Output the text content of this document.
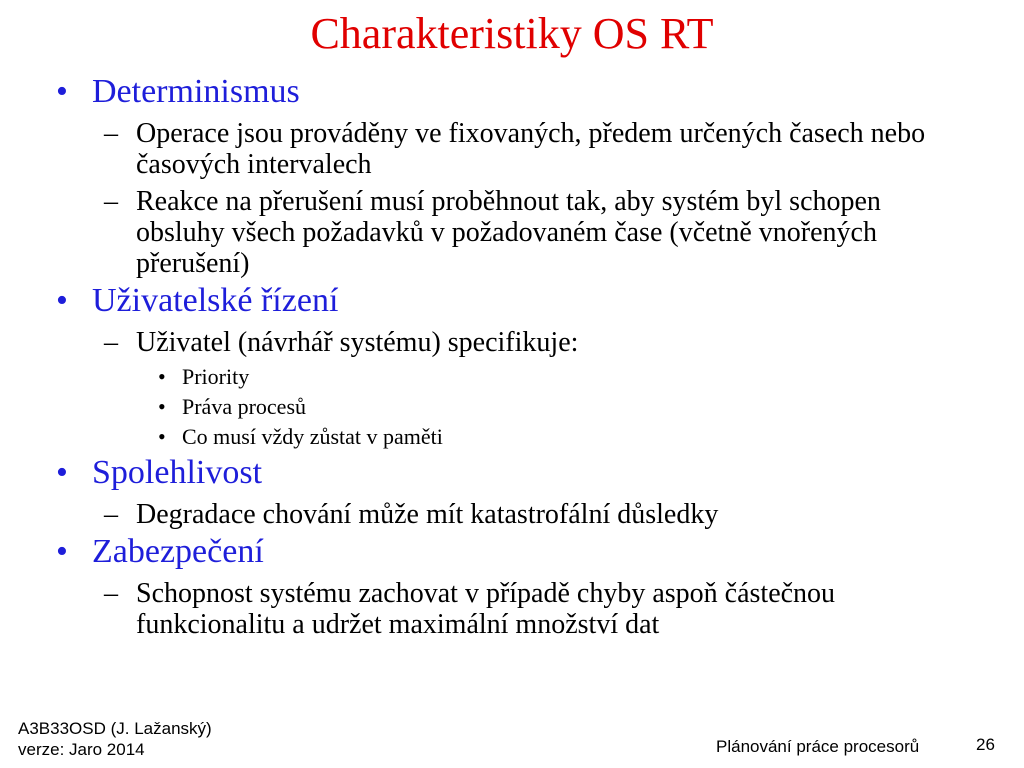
Charakteristiky OS RT
• Determinismus
– Operace jsou prováděny ve fixovaných, předem určených časech nebo časových intervalech
– Reakce na přerušení musí proběhnout tak, aby systém byl schopen obsluhy všech požadavků v požadovaném čase (včetně vnořených přerušení)
• Uživatelské řízení
– Uživatel (návrhář systému) specifikuje:
• Priority
• Práva procesů
• Co musí vždy zůstat v paměti
• Spolehlivost
– Degradace chování může mít katastrofální důsledky
• Zabezpečení
– Schopnost systému zachovat v případě chyby aspoň částečnou funkcionalitu a udržet maximální množství dat
A3B33OSD (J. Lažanský)
verze: Jaro 2014	Plánování práce procesorů	26
